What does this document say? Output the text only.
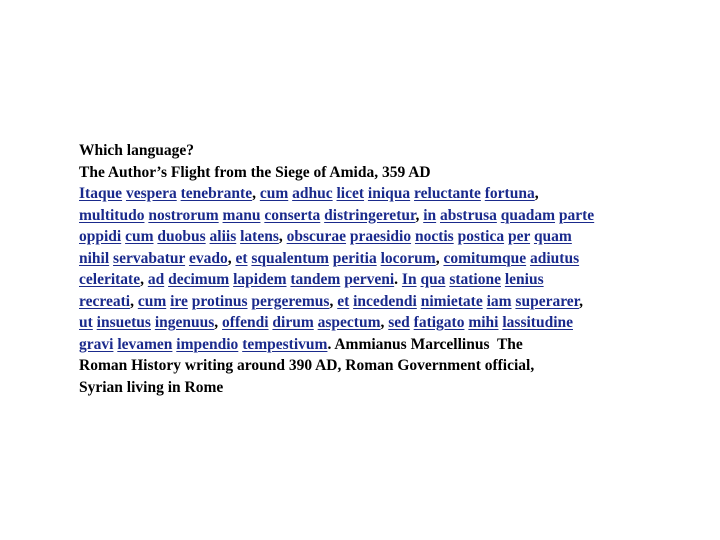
Which language?
The Author’s Flight from the Siege of Amida, 359 AD
Itaque vespera tenebrante, cum adhuc licet iniqua reluctante fortuna,
multitudo nostrorum manu conserta distringeretur, in abstrusa quadam parte
oppidi cum duobus aliis latens, obscurae praesidio noctis postica per quam
nihil servabatur evado, et squalentum peritia locorum, comitumque adiutus
celeritate, ad decimum lapidem tandem perveni. In qua statione lenius
recreati, cum ire protinus pergeremus, et incedendi nimietate iam superarer,
ut insuetus ingenuus, offendi dirum aspectum, sed fatigato mihi lassitudine
gravi levamen impendio tempestivum. Ammianus Marcellinus  The
Roman History writing around 390 AD, Roman Government official,
Syrian living in Rome
